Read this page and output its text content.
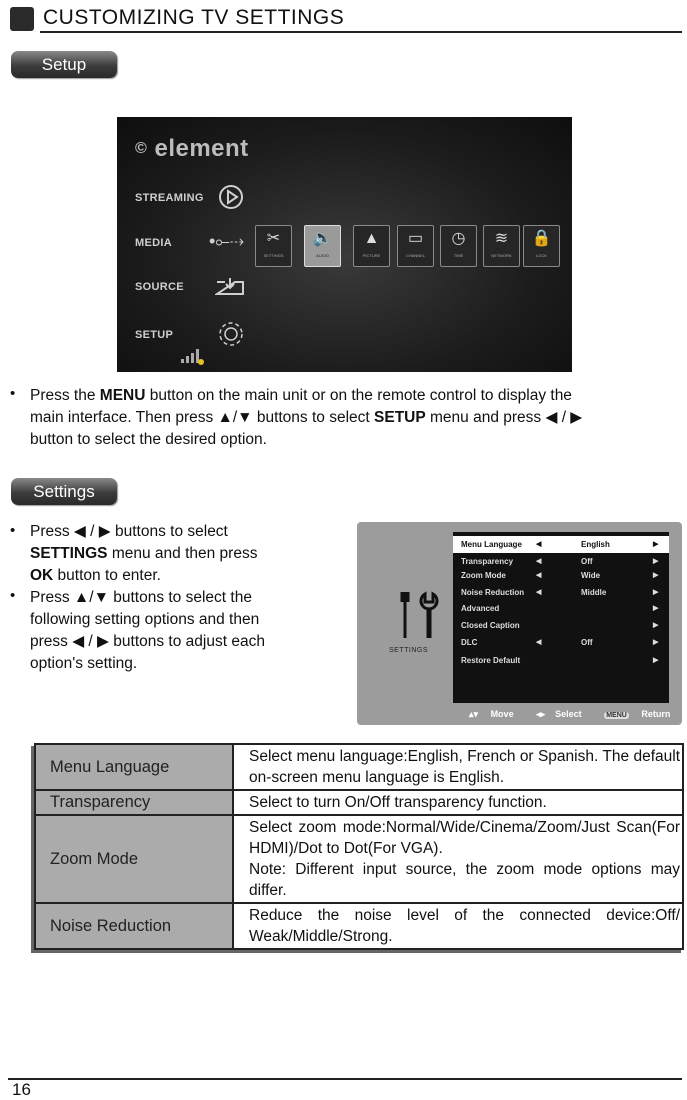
CUSTOMIZING TV SETTINGS
Setup
© element
STREAMING
MEDIA •⟜⇢
SOURCE
SETUP
✂
SETTINGS
🔈
AUDIO
▲
PICTURE
▭
CHANNEL
◷
TIME
≋
NETWORK
🔒
LOCK
• Press the MENU button on the main unit or on the remote control to display the
main interface. Then press ▲/▼ buttons to select SETUP menu and press ◀ / ▶
button to select the desired option.
Settings
•
•
Press ◀ / ▶ buttons to select
SETTINGS menu and then press
OK button to enter.
Press ▲/▼ buttons to select the
following setting options and then
press ◀ / ▶ buttons to adjust each
option's setting.
SETTINGS
Menu Language ◀	English	▶
Transparency	◀	Off	▶
Zoom Mode	◀	Wide	▶
Noise Reduction ◀	Middle	▶
Advanced	▶
Closed Caption	▶
DLC	◀	Off	▶
Restore Default	▶
▴▾ Move	◂▸ Select	MENU Return
Menu Language	Select menu language:English, French or Spanish. The default on-screen menu language is English.
Transparency	Select to turn On/Off transparency function.
Zoom Mode	Select zoom mode:Normal/Wide/Cinema/Zoom/Just Scan(For HDMI)/Dot to Dot(For VGA).
Note: Different input source, the zoom mode options may differ.
Noise Reduction	Reduce the noise level of the connected device:Off/ Weak/Middle/Strong.
16
